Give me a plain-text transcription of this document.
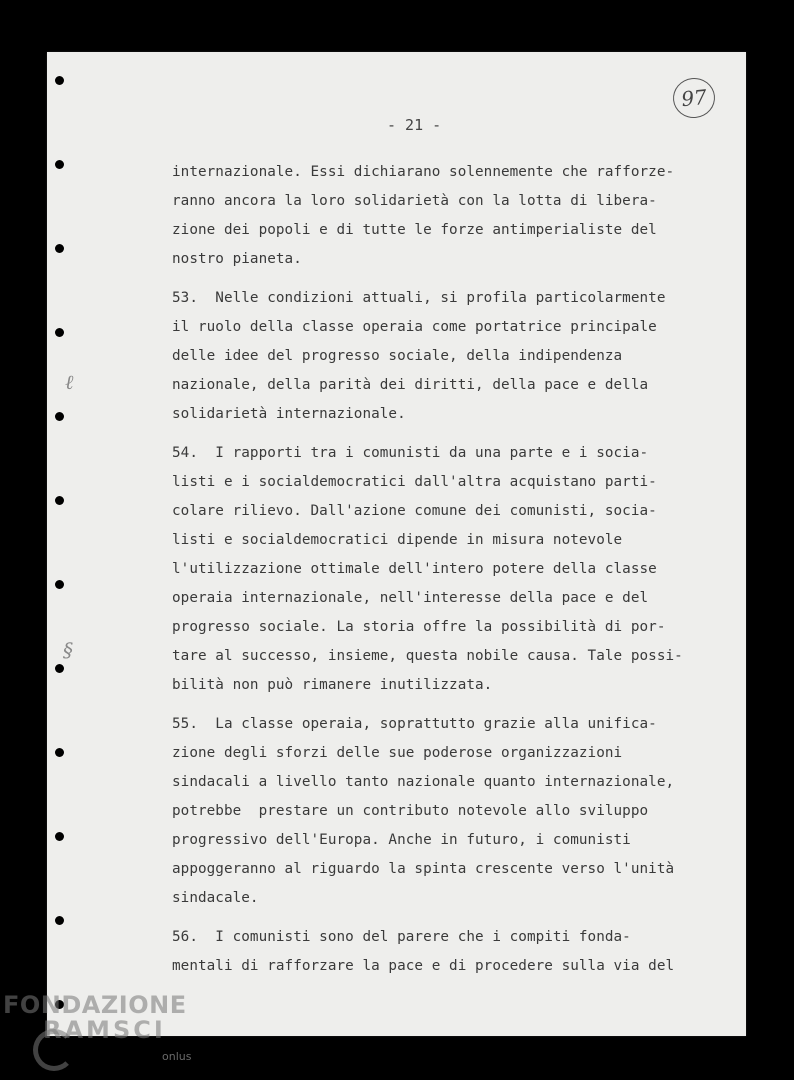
- 21 -
97
ℓ
§
internazionale. Essi dichiarano solennemente che rafforze-
ranno ancora la loro solidarietà con la lotta di libera-
zione dei popoli e di tutte le forze antimperialiste del
nostro pianeta.
53.  Nelle condizioni attuali, si profila particolarmente
il ruolo della classe operaia come portatrice principale
delle idee del progresso sociale, della indipendenza
nazionale, della parità dei diritti, della pace e della
solidarietà internazionale.
54.  I rapporti tra i comunisti da una parte e i socia-
listi e i socialdemocratici dall'altra acquistano parti-
colare rilievo. Dall'azione comune dei comunisti, socia-
listi e socialdemocratici dipende in misura notevole
l'utilizzazione ottimale dell'intero potere della classe
operaia internazionale, nell'interesse della pace e del
progresso sociale. La storia offre la possibilità di por-
tare al successo, insieme, questa nobile causa. Tale possi-
bilità non può rimanere inutilizzata.
55.  La classe operaia, soprattutto grazie alla unifica-
zione degli sforzi delle sue poderose organizzazioni
sindacali a livello tanto nazionale quanto internazionale,
potrebbe  prestare un contributo notevole allo sviluppo
progressivo dell'Europa. Anche in futuro, i comunisti
appoggeranno al riguardo la spinta crescente verso l'unità
sindacale.
56.  I comunisti sono del parere che i compiti fonda-
mentali di rafforzare la pace e di procedere sulla via del
FONDAZIONE
RAMSCI
onlus
